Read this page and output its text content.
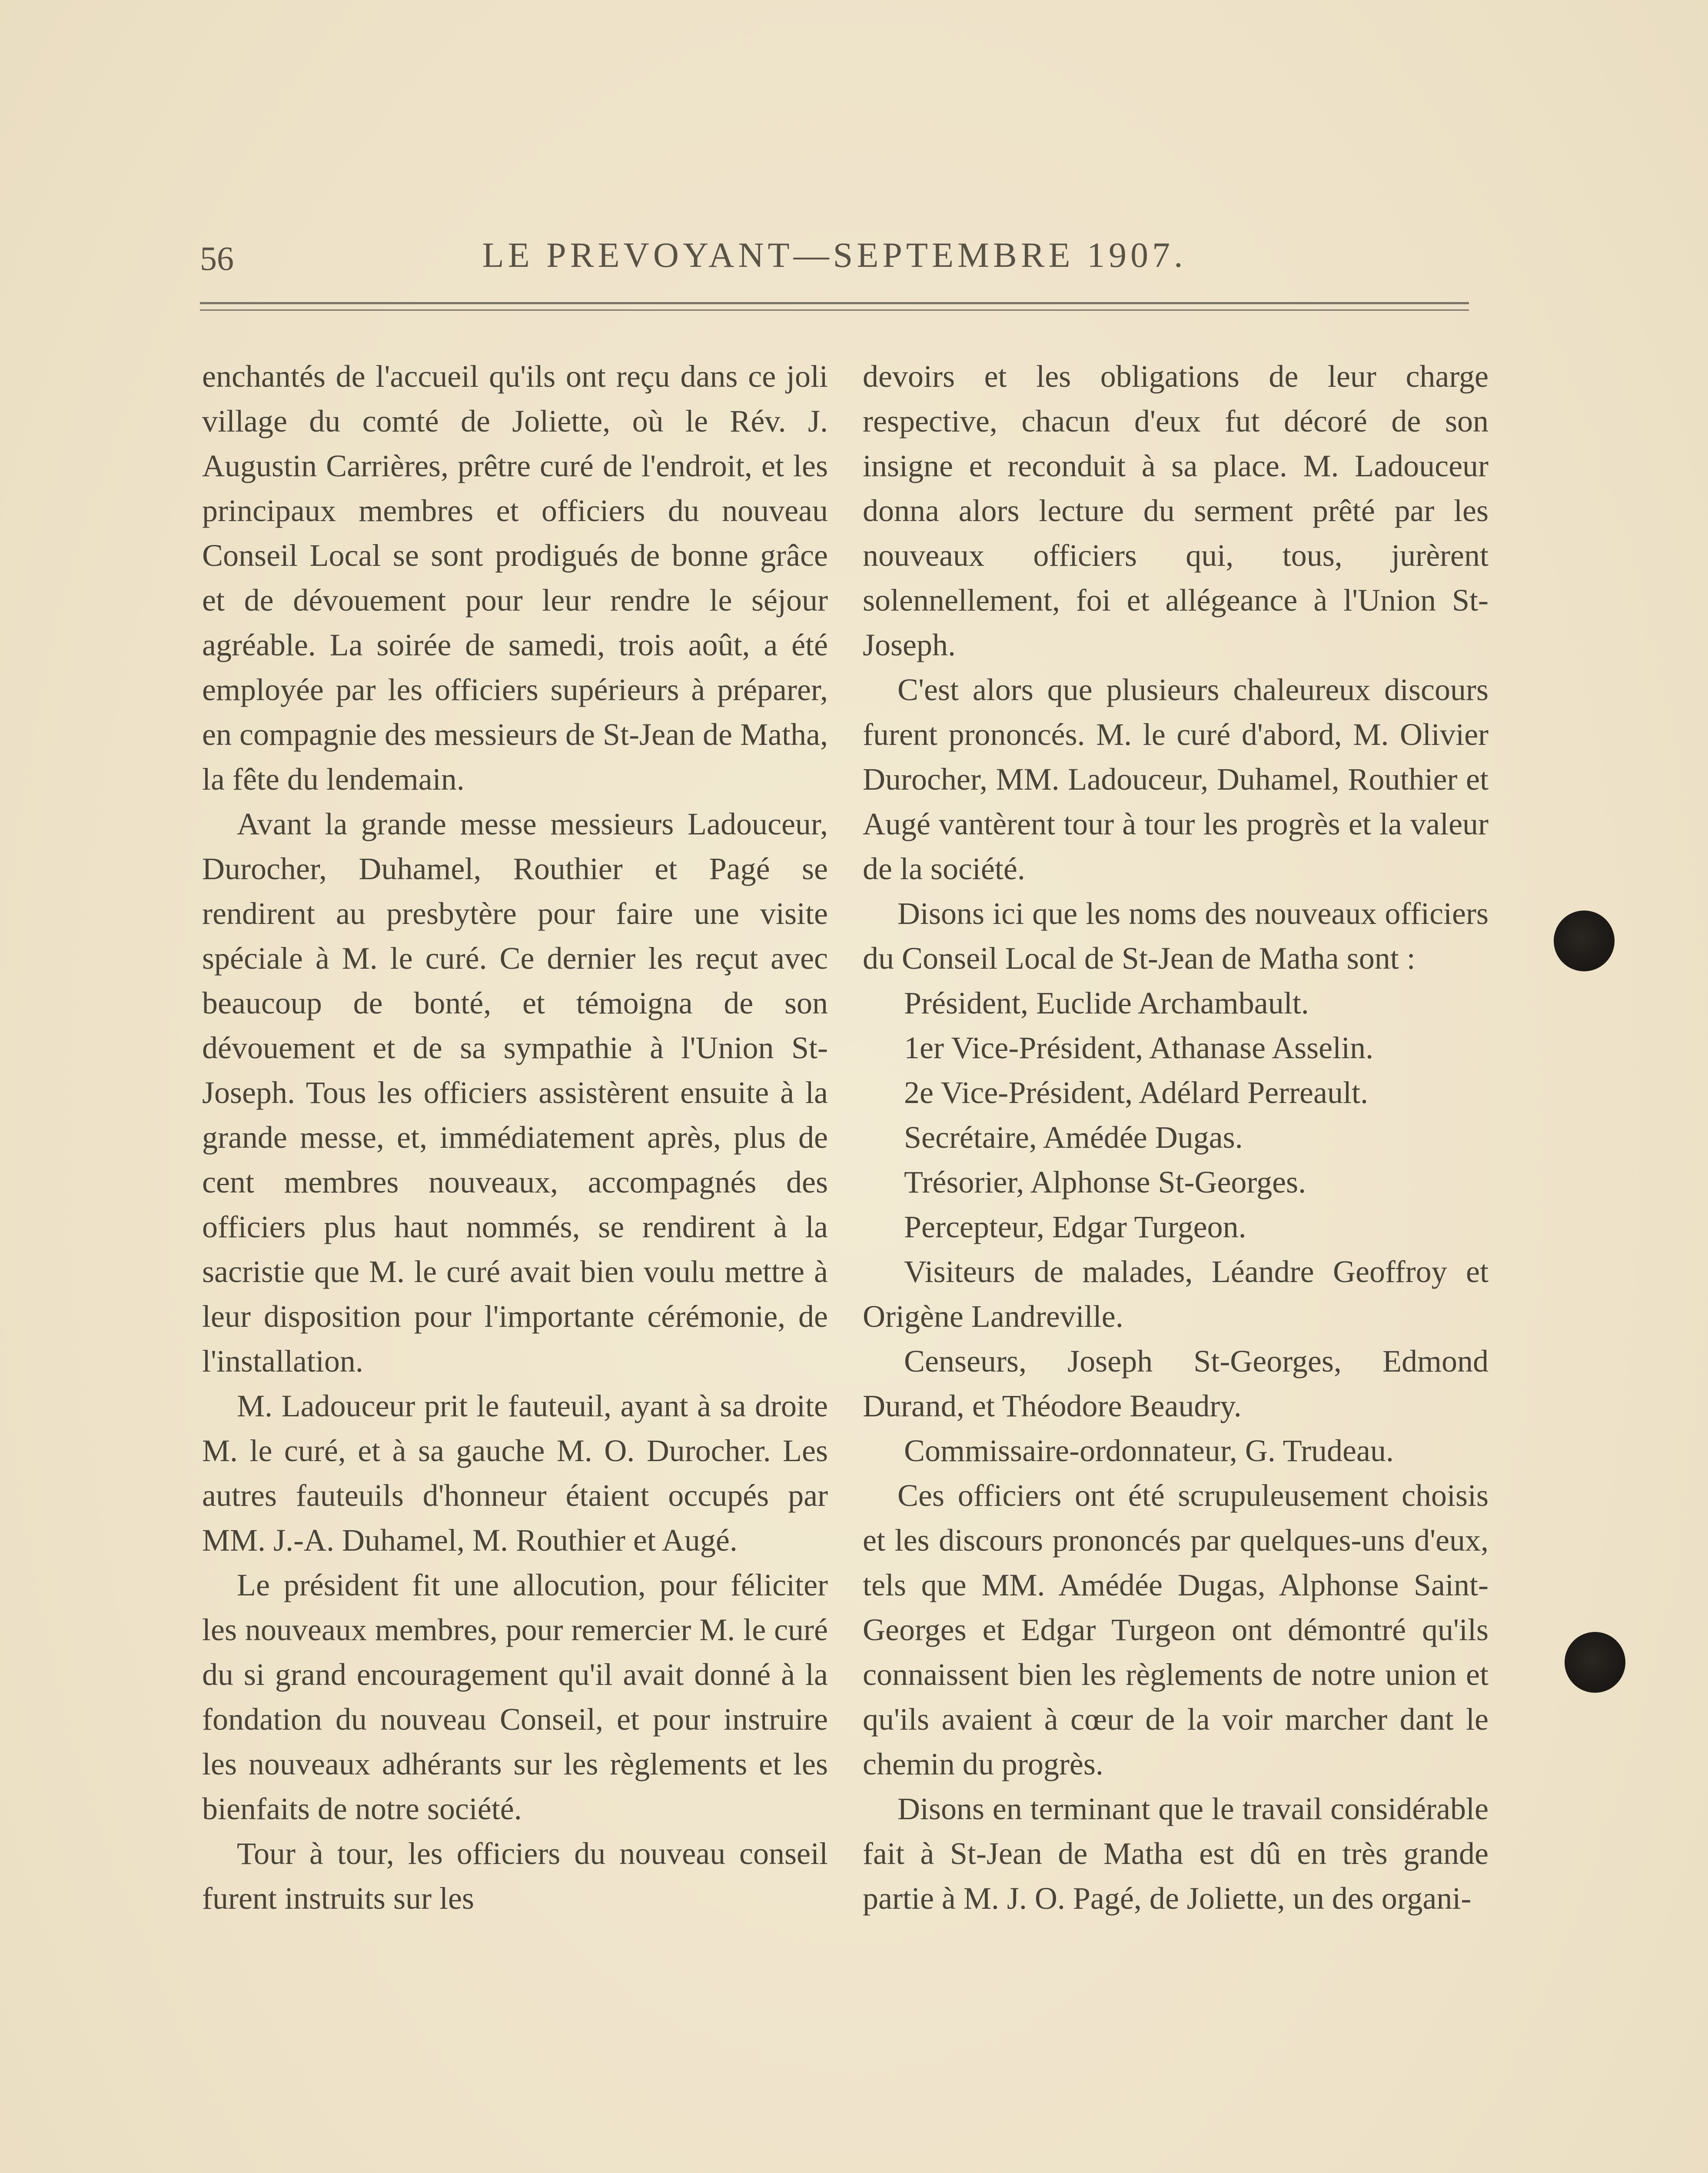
56	LE PREVOYANT—SEPTEMBRE 1907.

enchantés de l'accueil qu'ils ont reçu dans ce joli village du comté de Joliette, où le Rév. J. Augustin Carrières, prêtre curé de l'endroit, et les principaux membres et officiers du nouveau Conseil Local se sont prodigués de bonne grâce et de dévouement pour leur rendre le séjour agréable. La soirée de samedi, trois août, a été employée par les officiers supérieurs à préparer, en compagnie des messieurs de St-Jean de Matha, la fête du lendemain.

Avant la grande messe messieurs Ladouceur, Durocher, Duhamel, Routhier et Pagé se rendirent au presbytère pour faire une visite spéciale à M. le curé. Ce dernier les reçut avec beaucoup de bonté, et témoigna de son dévouement et de sa sympathie à l'Union St-Joseph. Tous les officiers assistèrent ensuite à la grande messe, et, immédiatement après, plus de cent membres nouveaux, accompagnés des officiers plus haut nommés, se rendirent à la sacristie que M. le curé avait bien voulu mettre à leur disposition pour l'importante cérémonie, de l'installation.

M. Ladouceur prit le fauteuil, ayant à sa droite M. le curé, et à sa gauche M. O. Durocher. Les autres fauteuils d'honneur étaient occupés par MM. J.-A. Duhamel, M. Routhier et Augé.

Le président fit une allocution, pour féliciter les nouveaux membres, pour remercier M. le curé du si grand encouragement qu'il avait donné à la fondation du nouveau Conseil, et pour instruire les nouveaux adhérants sur les règlements et les bienfaits de notre société.

Tour à tour, les officiers du nouveau conseil furent instruits sur les

devoirs et les obligations de leur charge respective, chacun d'eux fut décoré de son insigne et reconduit à sa place. M. Ladouceur donna alors lecture du serment prêté par les nouveaux officiers qui, tous, jurèrent solennellement, foi et allégeance à l'Union St-Joseph.

C'est alors que plusieurs chaleureux discours furent prononcés. M. le curé d'abord, M. Olivier Durocher, MM. Ladouceur, Duhamel, Routhier et Augé vantèrent tour à tour les progrès et la valeur de la société.

Disons ici que les noms des nouveaux officiers du Conseil Local de St-Jean de Matha sont :

Président, Euclide Archambault.

1er Vice-Président, Athanase Asselin.

2e Vice-Président, Adélard Perreault.

Secrétaire, Amédée Dugas.

Trésorier, Alphonse St-Georges.

Percepteur, Edgar Turgeon.

Visiteurs de malades, Léandre Geoffroy et Origène Landreville.

Censeurs, Joseph St-Georges, Edmond Durand, et Théodore Beaudry.

Commissaire-ordonnateur, G. Trudeau.

Ces officiers ont été scrupuleusement choisis et les discours prononcés par quelques-uns d'eux, tels que MM. Amédée Dugas, Alphonse Saint-Georges et Edgar Turgeon ont démontré qu'ils connaissent bien les règlements de notre union et qu'ils avaient à cœur de la voir marcher dant le chemin du progrès.

Disons en terminant que le travail considérable fait à St-Jean de Matha est dû en très grande partie à M. J. O. Pagé, de Joliette, un des organi-
